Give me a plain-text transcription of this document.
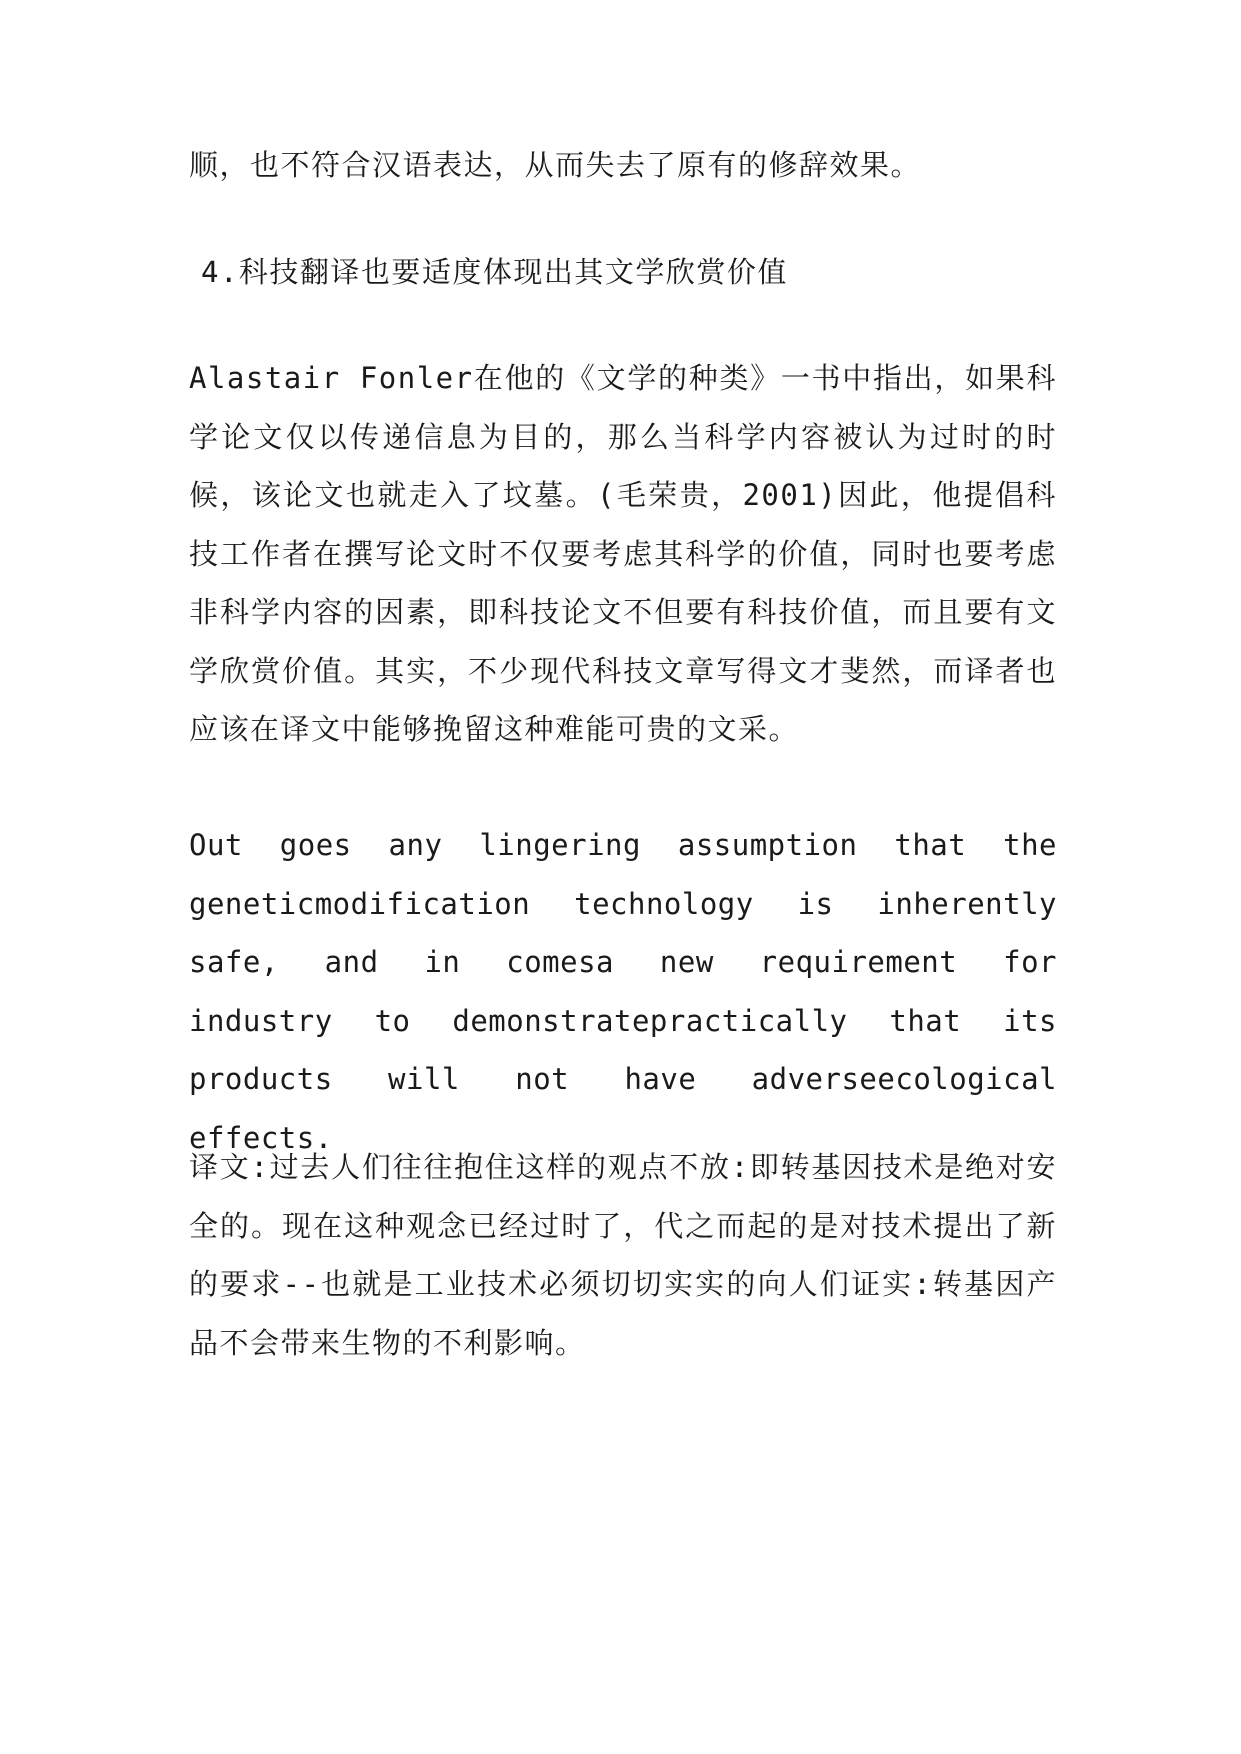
顺，也不符合汉语表达，从而失去了原有的修辞效果。

4.科技翻译也要适度体现出其文学欣赏价值

Alastair Fonler在他的《文学的种类》一书中指出，如果科学论文仅以传递信息为目的，那么当科学内容被认为过时的时候，该论文也就走入了坟墓。(毛荣贵，2001)因此，他提倡科技工作者在撰写论文时不仅要考虑其科学的价值，同时也要考虑非科学内容的因素，即科技论文不但要有科技价值，而且要有文学欣赏价值。其实，不少现代科技文章写得文才斐然，而译者也应该在译文中能够挽留这种难能可贵的文采。

Out goes any lingering assumption that the geneticmodification technology is inherently safe, and in comesa new requirement for industry to demonstratepractically that its products will not have adverseecological effects.

译文:过去人们往往抱住这样的观点不放:即转基因技术是绝对安全的。现在这种观念已经过时了，代之而起的是对技术提出了新的要求--也就是工业技术必须切切实实的向人们证实:转基因产品不会带来生物的不利影响。
